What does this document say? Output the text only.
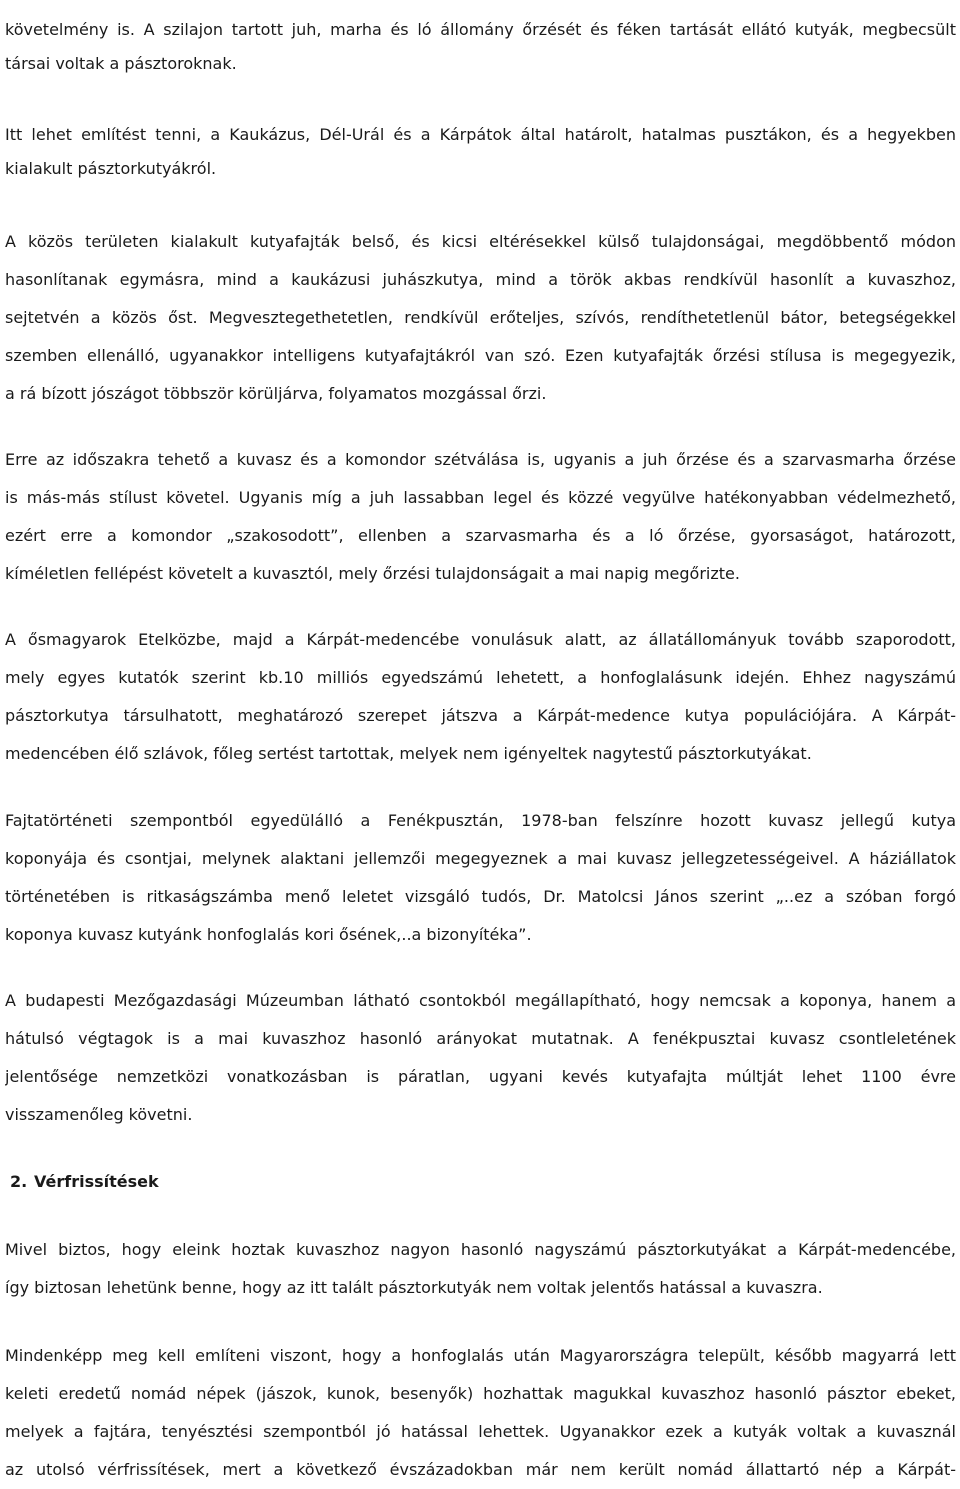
követelmény is. A szilajon tartott juh, marha és ló állomány őrzését és féken tartását ellátó kutyák, megbecsült
társai voltak a pásztoroknak.
Itt lehet említést tenni, a Kaukázus, Dél-Urál és a Kárpátok által határolt, hatalmas pusztákon, és a hegyekben
kialakult pásztorkutyákról.
A közös területen kialakult kutyafajták belső, és kicsi eltérésekkel külső tulajdonságai, megdöbbentő módon
hasonlítanak egymásra, mind a kaukázusi juhászkutya, mind a török akbas rendkívül hasonlít a kuvaszhoz,
sejtetvén a közös őst. Megvesztegethetetlen, rendkívül erőteljes, szívós, rendíthetetlenül bátor, betegségekkel
szemben ellenálló, ugyanakkor intelligens kutyafajtákról van szó. Ezen kutyafajták őrzési stílusa is megegyezik,
a rá bízott jószágot többször körüljárva, folyamatos mozgással őrzi.
Erre az időszakra tehető a kuvasz és a komondor szétválása is, ugyanis a juh őrzése és a szarvasmarha őrzése
is más-más stílust követel. Ugyanis míg a juh lassabban legel és közzé vegyülve hatékonyabban védelmezhető,
ezért erre a komondor „szakosodott”, ellenben a szarvasmarha és a ló őrzése, gyorsaságot, határozott,
kíméletlen fellépést követelt a kuvasztól, mely őrzési tulajdonságait a mai napig megőrizte.
A ősmagyarok Etelközbe, majd a Kárpát-medencébe vonulásuk alatt, az állatállományuk tovább szaporodott,
mely egyes kutatók szerint kb.10 milliós egyedszámú lehetett, a honfoglalásunk idején. Ehhez nagyszámú
pásztorkutya társulhatott, meghatározó szerepet játszva a Kárpát-medence kutya populációjára. A Kárpát-
medencében élő szlávok, főleg sertést tartottak, melyek nem igényeltek nagytestű pásztorkutyákat.
Fajtatörténeti szempontból egyedülálló a Fenékpusztán, 1978-ban felszínre hozott kuvasz jellegű kutya
koponyája és csontjai, melynek alaktani jellemzői megegyeznek a mai kuvasz jellegzetességeivel. A háziállatok
történetében is ritkaságszámba menő leletet vizsgáló tudós, Dr. Matolcsi János szerint „..ez a szóban forgó
koponya kuvasz kutyánk honfoglalás kori ősének,..a bizonyítéka”.
A budapesti Mezőgazdasági Múzeumban látható csontokból megállapítható, hogy nemcsak a koponya, hanem a
hátulsó végtagok is a mai kuvaszhoz hasonló arányokat mutatnak. A fenékpusztai kuvasz csontleletének
jelentősége nemzetközi vonatkozásban is páratlan, ugyani kevés kutyafajta múltját lehet 1100 évre
visszamenőleg követni.
2. Vérfrissítések
Mivel biztos, hogy eleink hoztak kuvaszhoz nagyon hasonló nagyszámú pásztorkutyákat a Kárpát-medencébe,
így biztosan lehetünk benne, hogy az itt talált pásztorkutyák nem voltak jelentős hatással a kuvaszra.
Mindenképp meg kell említeni viszont, hogy a honfoglalás után Magyarországra települt, később magyarrá lett
keleti eredetű nomád népek (jászok, kunok, besenyők) hozhattak magukkal kuvaszhoz hasonló pásztor ebeket,
melyek a fajtára, tenyésztési szempontból jó hatással lehettek. Ugyanakkor ezek a kutyák voltak a kuvasznál
az utolsó vérfrissítések, mert a következő évszázadokban már nem került nomád állattartó nép a Kárpát-
